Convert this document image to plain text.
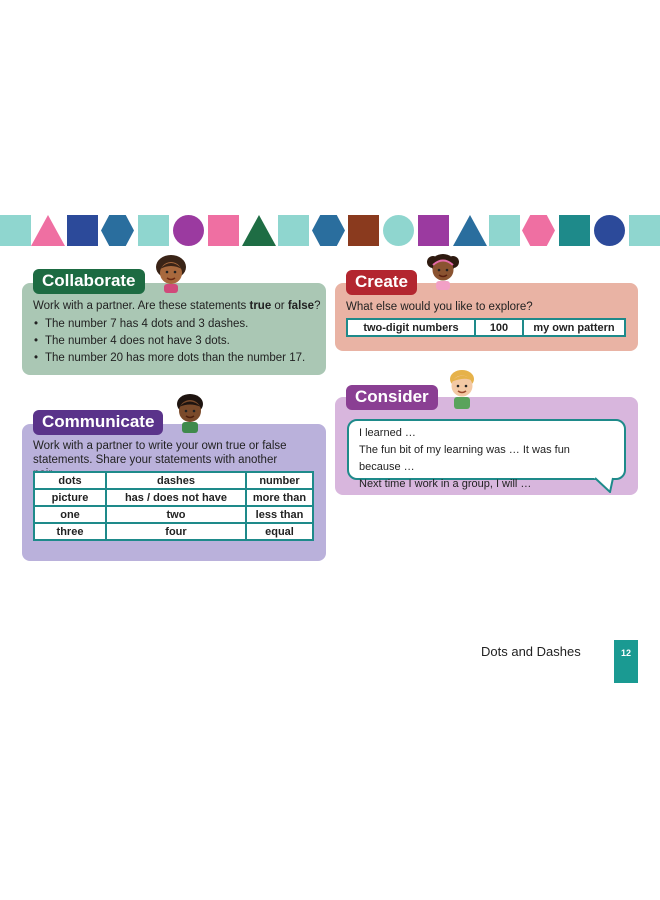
Collaborate
Work with a partner. Are these statements true or false?
• The number 7 has 4 dots and 3 dashes.
• The number 4 does not have 3 dots.
• The number 20 has more dots than the number 17.
Create
What else would you like to explore?
two-digit numbers	100	my own pattern
Communicate
Work with a partner to write your own true or false statements. Share your statements with another
dots	dashes	number
picture	has / does not have	more than
one	two	less than
three	four	equal
Consider
I learned …
The fun bit of my learning was … It was fun because …
Next time I work in a group, I will …
Dots and Dashes	12
